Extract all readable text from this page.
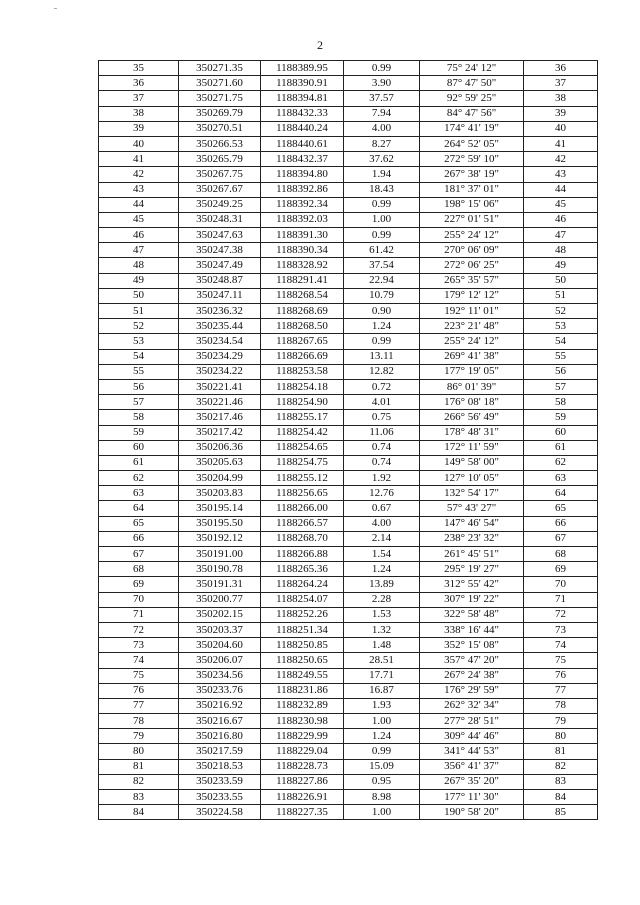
2
35	350271.35	1188389.95	0.99	75° 24' 12"	36
36	350271.60	1188390.91	3.90	87° 47' 50"	37
37	350271.75	1188394.81	37.57	92° 59' 25"	38
38	350269.79	1188432.33	7.94	84° 47' 56"	39
39	350270.51	1188440.24	4.00	174° 41' 19"	40
40	350266.53	1188440.61	8.27	264° 52' 05"	41
41	350265.79	1188432.37	37.62	272° 59' 10"	42
42	350267.75	1188394.80	1.94	267° 38' 19"	43
43	350267.67	1188392.86	18.43	181° 37' 01"	44
44	350249.25	1188392.34	0.99	198° 15' 06"	45
45	350248.31	1188392.03	1.00	227° 01' 51"	46
46	350247.63	1188391.30	0.99	255° 24' 12"	47
47	350247.38	1188390.34	61.42	270° 06' 09"	48
48	350247.49	1188328.92	37.54	272° 06' 25"	49
49	350248.87	1188291.41	22.94	265° 35' 57"	50
50	350247.11	1188268.54	10.79	179° 12' 12"	51
51	350236.32	1188268.69	0.90	192° 11' 01"	52
52	350235.44	1188268.50	1.24	223° 21' 48"	53
53	350234.54	1188267.65	0.99	255° 24' 12"	54
54	350234.29	1188266.69	13.11	269° 41' 38"	55
55	350234.22	1188253.58	12.82	177° 19' 05"	56
56	350221.41	1188254.18	0.72	86° 01' 39"	57
57	350221.46	1188254.90	4.01	176° 08' 18"	58
58	350217.46	1188255.17	0.75	266° 56' 49"	59
59	350217.42	1188254.42	11.06	178° 48' 31"	60
60	350206.36	1188254.65	0.74	172° 11' 59"	61
61	350205.63	1188254.75	0.74	149° 58' 00"	62
62	350204.99	1188255.12	1.92	127° 10' 05"	63
63	350203.83	1188256.65	12.76	132° 54' 17"	64
64	350195.14	1188266.00	0.67	57° 43' 27"	65
65	350195.50	1188266.57	4.00	147° 46' 54"	66
66	350192.12	1188268.70	2.14	238° 23' 32"	67
67	350191.00	1188266.88	1.54	261° 45' 51"	68
68	350190.78	1188265.36	1.24	295° 19' 27"	69
69	350191.31	1188264.24	13.89	312° 55' 42"	70
70	350200.77	1188254.07	2.28	307° 19' 22"	71
71	350202.15	1188252.26	1.53	322° 58' 48"	72
72	350203.37	1188251.34	1.32	338° 16' 44"	73
73	350204.60	1188250.85	1.48	352° 15' 08"	74
74	350206.07	1188250.65	28.51	357° 47' 20"	75
75	350234.56	1188249.55	17.71	267° 24' 38"	76
76	350233.76	1188231.86	16.87	176° 29' 59"	77
77	350216.92	1188232.89	1.93	262° 32' 34"	78
78	350216.67	1188230.98	1.00	277° 28' 51"	79
79	350216.80	1188229.99	1.24	309° 44' 46"	80
80	350217.59	1188229.04	0.99	341° 44' 53"	81
81	350218.53	1188228.73	15.09	356° 41' 37"	82
82	350233.59	1188227.86	0.95	267° 35' 20"	83
83	350233.55	1188226.91	8.98	177° 11' 30"	84
84	350224.58	1188227.35	1.00	190° 58' 20"	85
